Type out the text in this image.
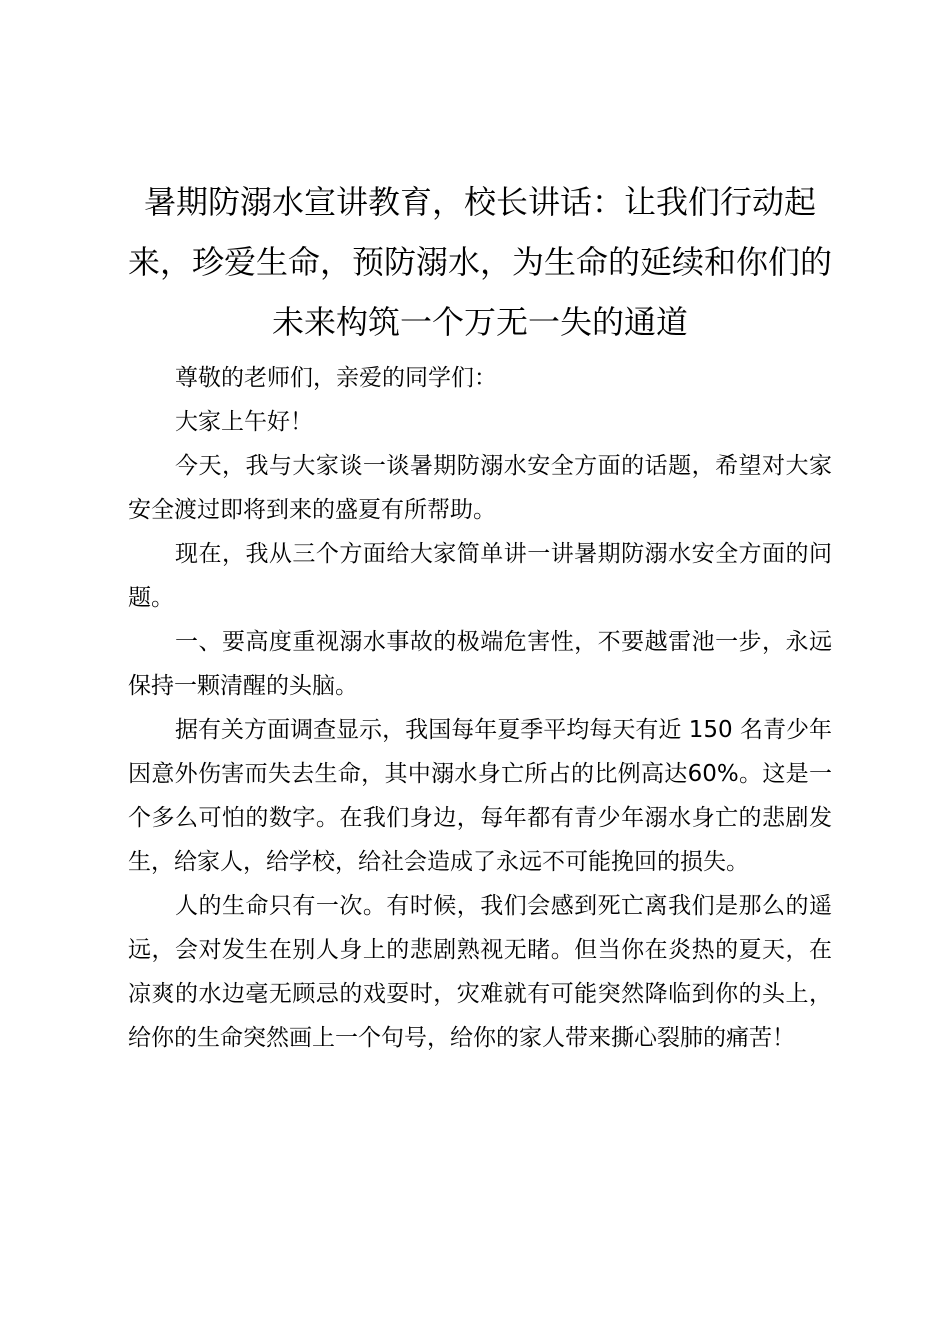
暑期防溺水宣讲教育，校长讲话：让我们行动起来，珍爱生命，预防溺水，为生命的延续和你们的未来构筑一个万无一失的通道

尊敬的老师们，亲爱的同学们：

大家上午好！

今天，我与大家谈一谈暑期防溺水安全方面的话题，希望对大家安全渡过即将到来的盛夏有所帮助。

现在，我从三个方面给大家简单讲一讲暑期防溺水安全方面的问题。

一、要高度重视溺水事故的极端危害性，不要越雷池一步，永远保持一颗清醒的头脑。

据有关方面调查显示，我国每年夏季平均每天有近 150 名青少年因意外伤害而失去生命，其中溺水身亡所占的比例高达60%。这是一个多么可怕的数字。在我们身边，每年都有青少年溺水身亡的悲剧发生，给家人，给学校，给社会造成了永远不可能挽回的损失。

人的生命只有一次。有时候，我们会感到死亡离我们是那么的遥远，会对发生在别人身上的悲剧熟视无睹。但当你在炎热的夏天，在凉爽的水边毫无顾忌的戏耍时，灾难就有可能突然降临到你的头上，给你的生命突然画上一个句号，给你的家人带来撕心裂肺的痛苦！
